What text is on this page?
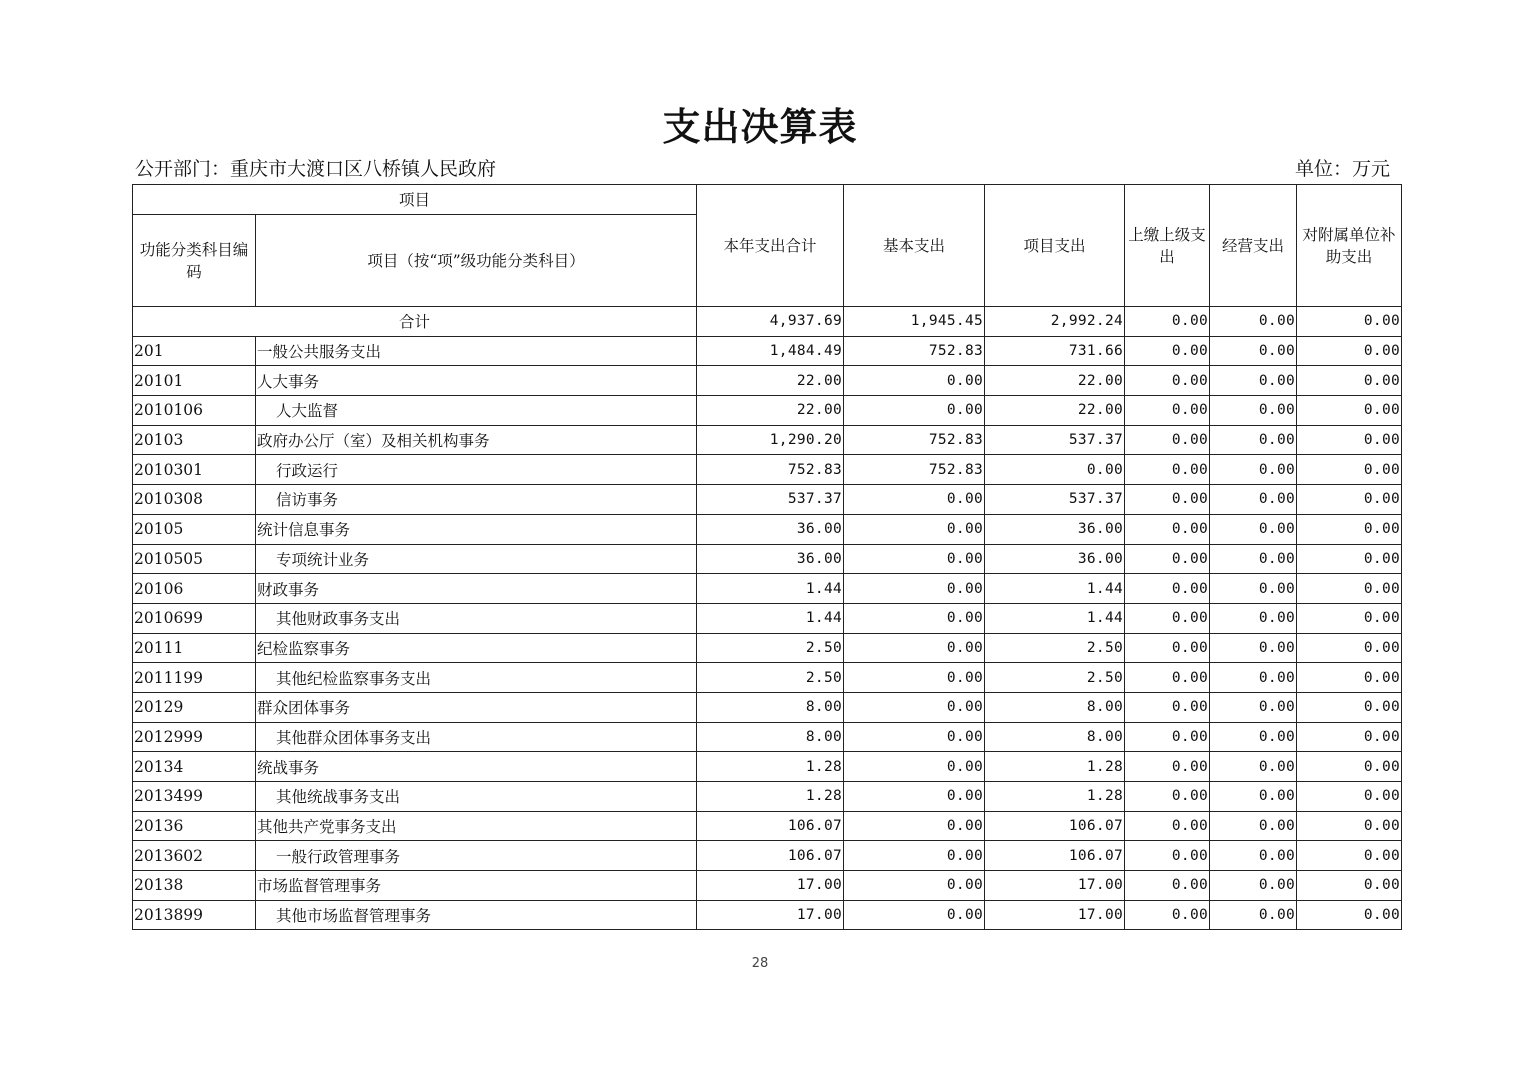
支出决算表
公开部门：重庆市大渡口区八桥镇人民政府	单位：万元
项目		本年支出合计	基本支出	项目支出	上缴上级支出	经营支出	对附属单位补助支出
功能分类科目编码	项目（按“项”级功能分类科目）						
合计		4,937.69	1,945.45	2,992.24	0.00	0.00	0.00
201	一般公共服务支出	1,484.49	752.83	731.66	0.00	0.00	0.00
20101	人大事务	22.00	0.00	22.00	0.00	0.00	0.00
2010106	人大监督	22.00	0.00	22.00	0.00	0.00	0.00
20103	政府办公厅（室）及相关机构事务	1,290.20	752.83	537.37	0.00	0.00	0.00
2010301	行政运行	752.83	752.83	0.00	0.00	0.00	0.00
2010308	信访事务	537.37	0.00	537.37	0.00	0.00	0.00
20105	统计信息事务	36.00	0.00	36.00	0.00	0.00	0.00
2010505	专项统计业务	36.00	0.00	36.00	0.00	0.00	0.00
20106	财政事务	1.44	0.00	1.44	0.00	0.00	0.00
2010699	其他财政事务支出	1.44	0.00	1.44	0.00	0.00	0.00
20111	纪检监察事务	2.50	0.00	2.50	0.00	0.00	0.00
2011199	其他纪检监察事务支出	2.50	0.00	2.50	0.00	0.00	0.00
20129	群众团体事务	8.00	0.00	8.00	0.00	0.00	0.00
2012999	其他群众团体事务支出	8.00	0.00	8.00	0.00	0.00	0.00
20134	统战事务	1.28	0.00	1.28	0.00	0.00	0.00
2013499	其他统战事务支出	1.28	0.00	1.28	0.00	0.00	0.00
20136	其他共产党事务支出	106.07	0.00	106.07	0.00	0.00	0.00
2013602	一般行政管理事务	106.07	0.00	106.07	0.00	0.00	0.00
20138	市场监督管理事务	17.00	0.00	17.00	0.00	0.00	0.00
2013899	其他市场监督管理事务	17.00	0.00	17.00	0.00	0.00	0.00
28
